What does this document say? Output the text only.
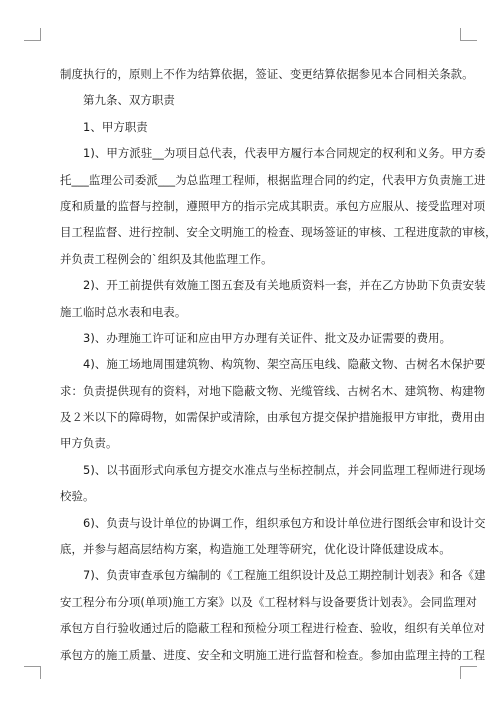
制度执行的，原则上不作为结算依据，签证、变更结算依据参见本合同相关条款。
第九条、双方职责
1、甲方职责
1)、甲方派驻__为项目总代表，代表甲方履行本合同规定的权利和义务。甲方委
托___监理公司委派___为总监理工程师，根据监理合同的约定，代表甲方负责施工进
度和质量的监督与控制，遵照甲方的指示完成其职责。承包方应服从、接受监理对项
目工程监督、进行控制、安全文明施工的检查、现场签证的审核、工程进度款的审核，
并负责工程例会的`组织及其他监理工作。
2)、开工前提供有效施工图五套及有关地质资料一套，并在乙方协助下负责安装
施工临时总水表和电表。
3)、办理施工许可证和应由甲方办理有关证件、批文及办证需要的费用。
4)、施工场地周围建筑物、构筑物、架空高压电线、隐蔽文物、古树名木保护要
求：负责提供现有的资料，对地下隐蔽文物、光缆管线、古树名木、建筑物、构建物
及２米以下的障碍物，如需保护或清除，由承包方提交保护措施报甲方审批，费用由
甲方负责。
5)、以书面形式向承包方提交水准点与坐标控制点，并会同监理工程师进行现场
校验。
6)、负责与设计单位的协调工作，组织承包方和设计单位进行图纸会审和设计交
底，并参与超高层结构方案，构造施工处理等研究，优化设计降低建设成本。
7)、负责审查承包方编制的《工程施工组织设计及总工期控制计划表》和各《建
安工程分布分项(单项)施工方案》以及《工程材料与设备要货计划表》。会同监理对
承包方自行验收通过后的隐蔽工程和预检分项工程进行检查、验收，组织有关单位对
承包方的施工质量、进度、安全和文明施工进行监督和检查。参加由监理主持的工程
